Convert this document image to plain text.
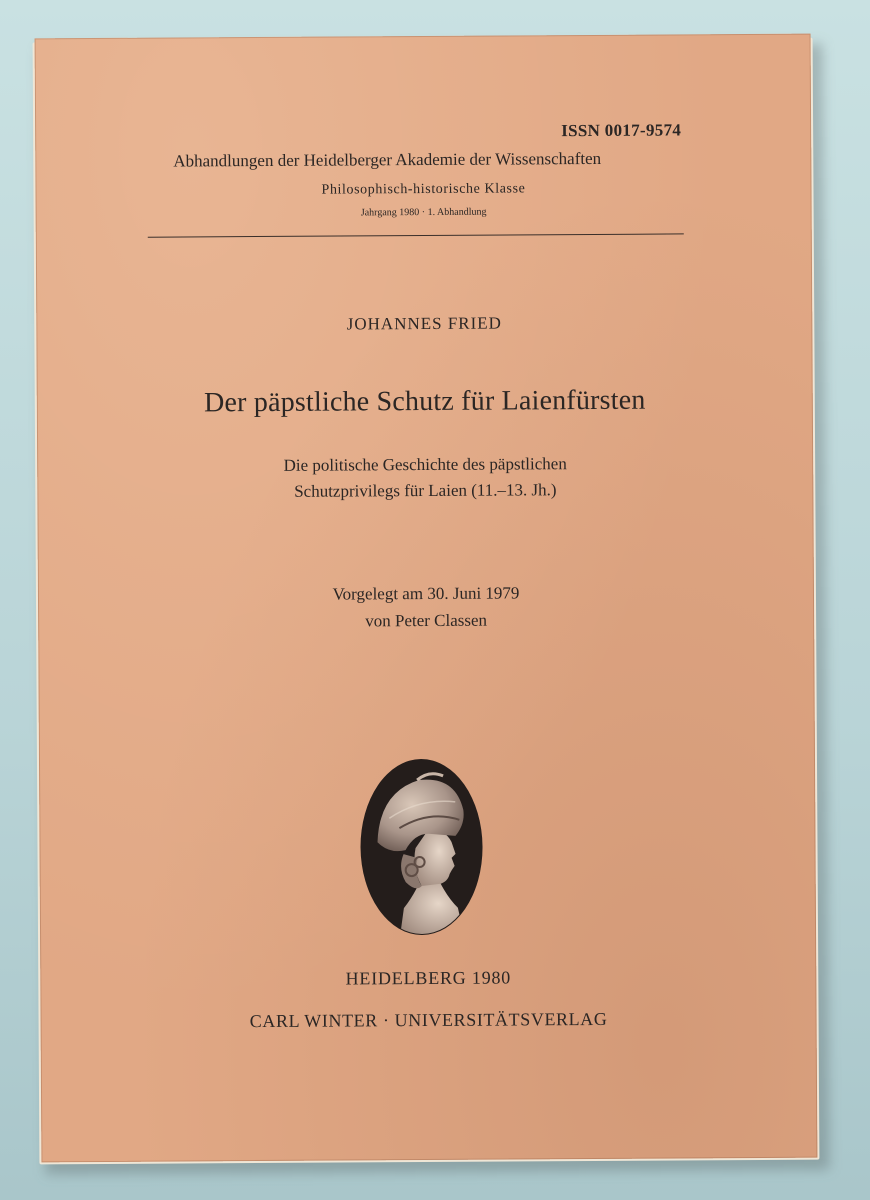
ISSN 0017-9574
Abhandlungen der Heidelberger Akademie der Wissenschaften
Philosophisch-historische Klasse
Jahrgang 1980 · 1. Abhandlung
JOHANNES FRIED
Der päpstliche Schutz für Laienfürsten
Die politische Geschichte des päpstlichen
Schutzprivilegs für Laien (11.–13. Jh.)
Vorgelegt am 30. Juni 1979
von Peter Classen
HEIDELBERG 1980
CARL WINTER · UNIVERSITÄTSVERLAG
